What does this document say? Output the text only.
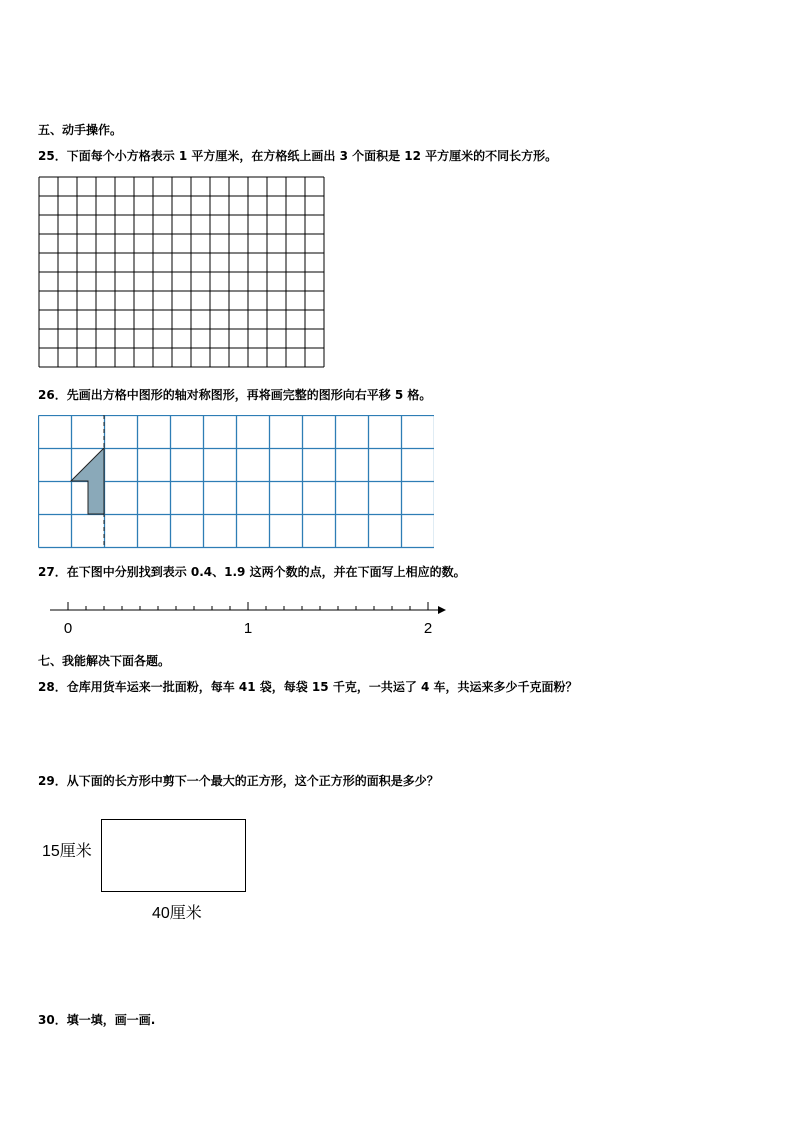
五、动手操作。
25．下面每个小方格表示 1 平方厘米，在方格纸上画出 3 个面积是 12 平方厘米的不同长方形。
26．先画出方格中图形的轴对称图形，再将画完整的图形向右平移 5 格。
27．在下图中分别找到表示 0.4、1.9 这两个数的点，并在下面写上相应的数。
0	1	2
七、我能解决下面各题。
28．仓库用货车运来一批面粉，每车 41 袋，每袋 15 千克，一共运了 4 车，共运来多少千克面粉？
29．从下面的长方形中剪下一个最大的正方形，这个正方形的面积是多少？
15厘米
40厘米
30．填一填，画一画.
